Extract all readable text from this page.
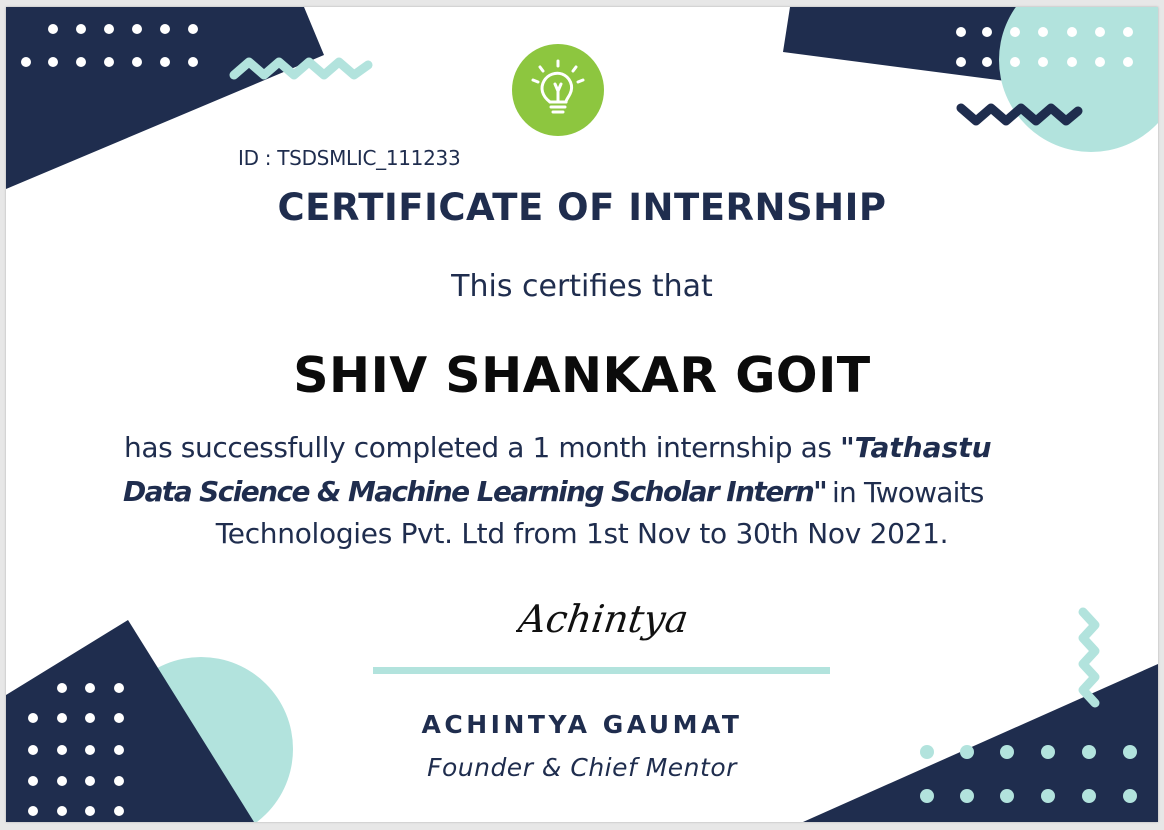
ID : TSDSMLIC_111233
CERTIFICATE OF INTERNSHIP
This certifies that
SHIV SHANKAR GOIT
has successfully completed a 1 month internship as "Tathastu
Data Science & Machine Learning Scholar Intern" in Twowaits
Technologies Pvt. Ltd from 1st Nov to 30th Nov 2021.
Achintya
ACHINTYA GAUMAT
Founder & Chief Mentor
